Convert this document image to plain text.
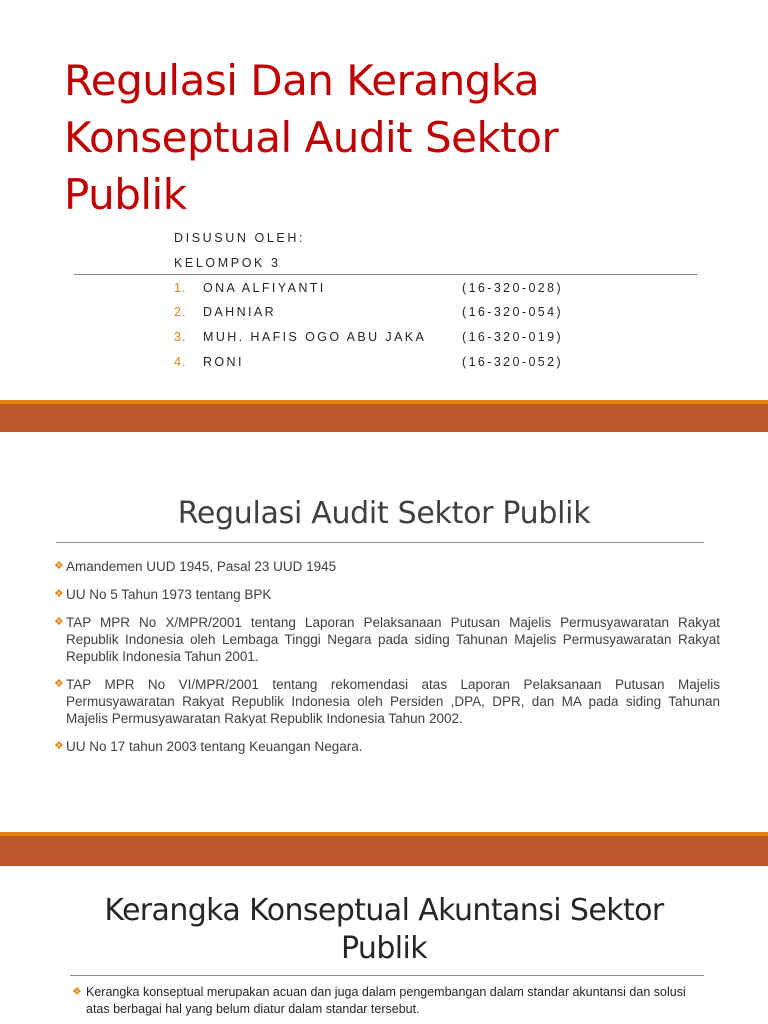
Regulasi Dan Kerangka
Konseptual Audit Sektor
Publik
DISUSUN OLEH:
KELOMPOK 3
1. ONA ALFIYANTI	(16-320-028)
2. DAHNIAR	(16-320-054)
3. MUH. HAFIS OGO ABU JAKA	(16-320-019)
4. RONI	(16-320-052)
Regulasi Audit Sektor Publik
❖ Amandemen UUD 1945, Pasal 23 UUD 1945
❖ UU No 5 Tahun 1973 tentang BPK
❖ TAP MPR No X/MPR/2001 tentang Laporan Pelaksanaan Putusan Majelis Permusyawaratan Rakyat Republik Indonesia oleh Lembaga Tinggi Negara pada siding Tahunan Majelis Permusyawaratan Rakyat Republik Indonesia Tahun 2001.
❖ TAP MPR No VI/MPR/2001 tentang rekomendasi atas Laporan Pelaksanaan Putusan Majelis Permusyawaratan Rakyat Republik Indonesia oleh Persiden ,DPA, DPR, dan MA pada siding Tahunan Majelis Permusyawaratan Rakyat Republik Indonesia Tahun 2002.
❖ UU No 17 tahun 2003 tentang Keuangan Negara.
Kerangka Konseptual Akuntansi Sektor
Publik
❖ Kerangka konseptual merupakan acuan dan juga dalam pengembangan dalam standar akuntansi dan solusi atas berbagai hal yang belum diatur dalam standar tersebut.
